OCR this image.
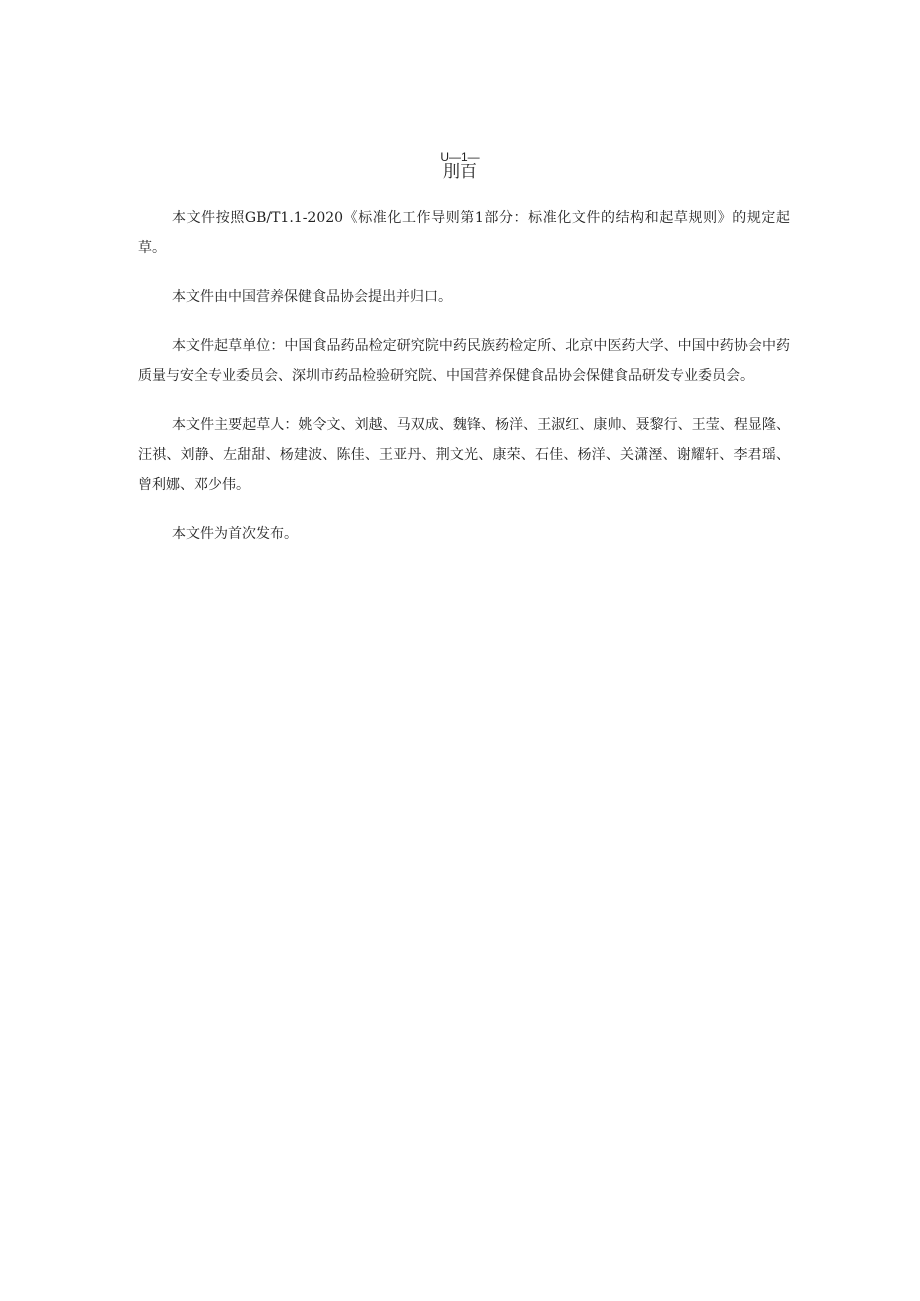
U—1—
刖百

本文件按照GB/T1.1-2020《标准化工作导则第1部分：标准化文件的结构和起草规则》的规定起草。

本文件由中国营养保健食品协会提出并归口。

本文件起草单位：中国食品药品检定研究院中药民族药检定所、北京中医药大学、中国中药协会中药质量与安全专业委员会、深圳市药品检验研究院、中国营养保健食品协会保健食品研发专业委员会。

本文件主要起草人：姚令文、刘越、马双成、魏锋、杨洋、王淑红、康帅、聂黎行、王莹、程显隆、汪祺、刘静、左甜甜、杨建波、陈佳、王亚丹、荆文光、康荣、石佳、杨洋、关潇溼、谢耀轩、李君瑶、曾利娜、邓少伟。

本文件为首次发布。
